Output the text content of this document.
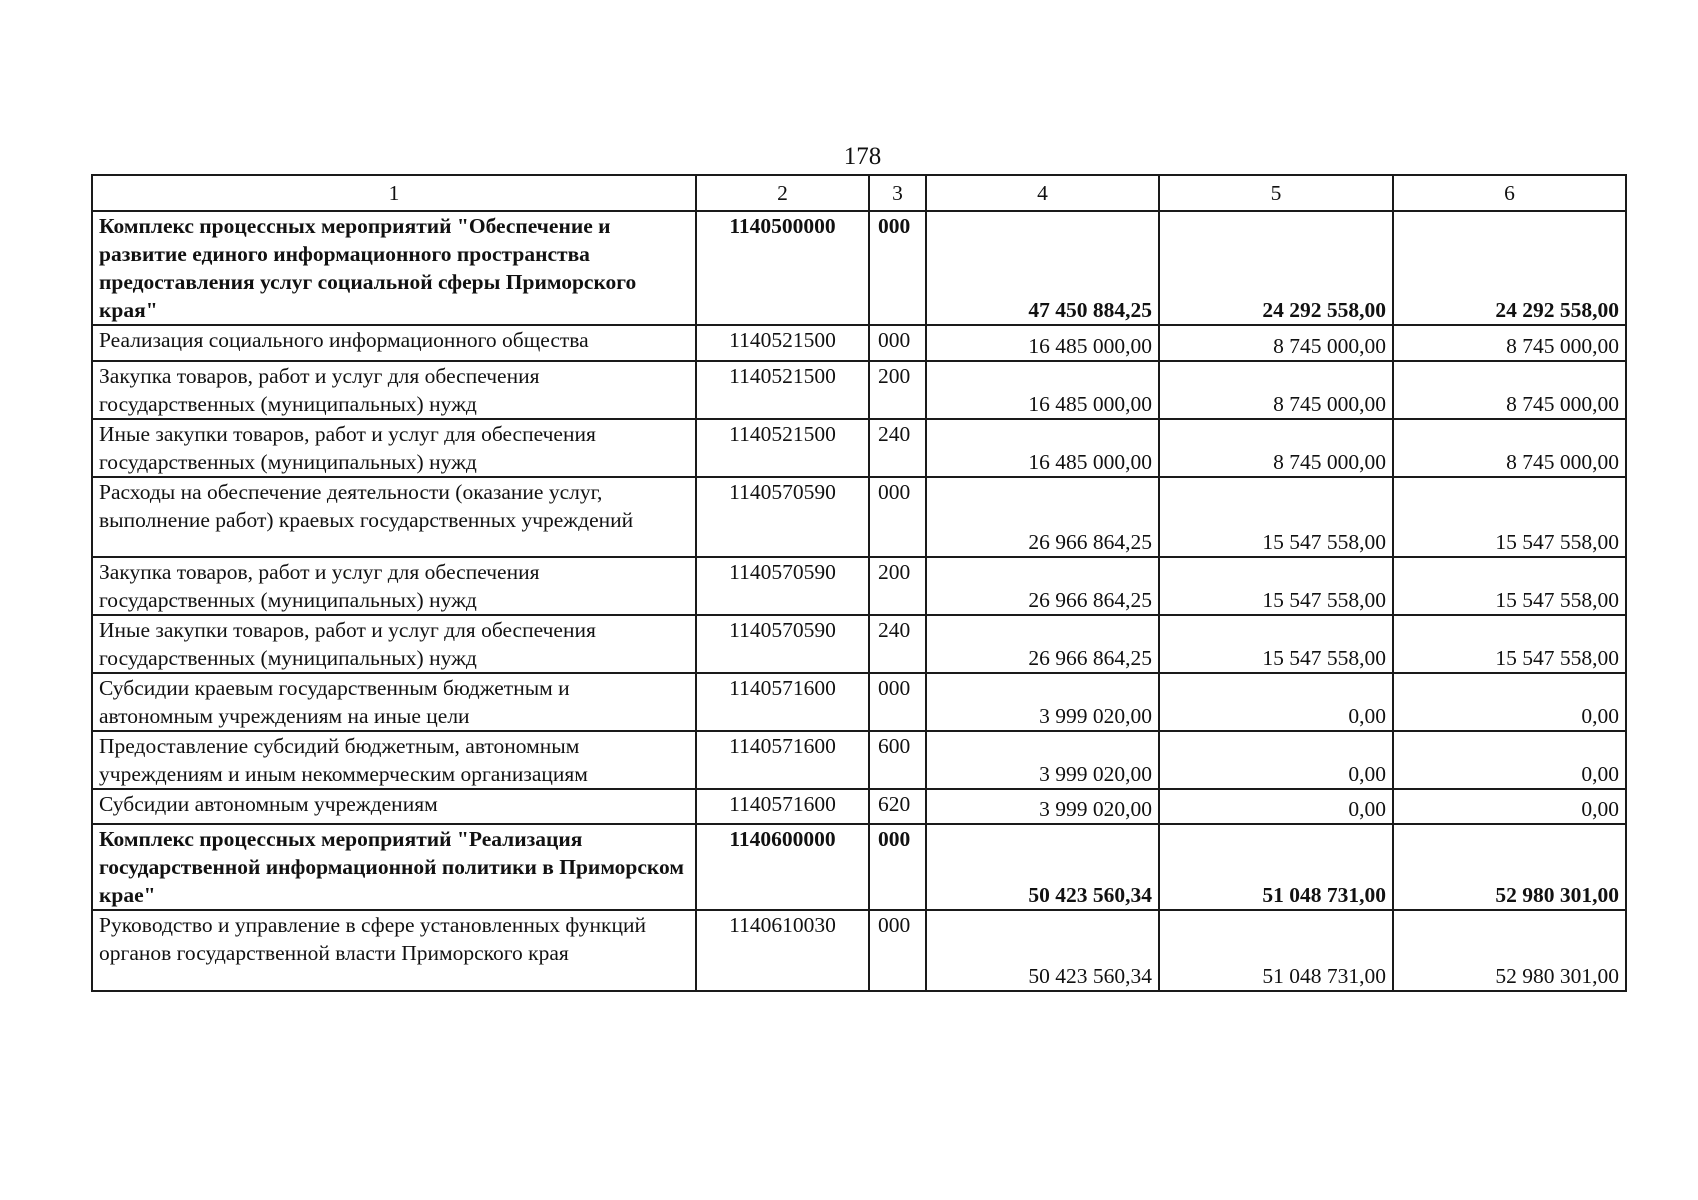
178
1	2	3	4	5	6
Комплекс процессных мероприятий "Обеспечение и развитие единого информационного пространства предоставления услуг социальной сферы Приморского края"	1140500000	000	47 450 884,25	24 292 558,00	24 292 558,00
Реализация социального информационного общества	1140521500	000	16 485 000,00	8 745 000,00	8 745 000,00
Закупка товаров, работ и услуг для обеспечения государственных (муниципальных) нужд	1140521500	200	16 485 000,00	8 745 000,00	8 745 000,00
Иные закупки товаров, работ и услуг для обеспечения государственных (муниципальных) нужд	1140521500	240	16 485 000,00	8 745 000,00	8 745 000,00
Расходы на обеспечение деятельности (оказание услуг, выполнение работ) краевых государственных учреждений	1140570590	000	26 966 864,25	15 547 558,00	15 547 558,00
Закупка товаров, работ и услуг для обеспечения государственных (муниципальных) нужд	1140570590	200	26 966 864,25	15 547 558,00	15 547 558,00
Иные закупки товаров, работ и услуг для обеспечения государственных (муниципальных) нужд	1140570590	240	26 966 864,25	15 547 558,00	15 547 558,00
Субсидии краевым государственным бюджетным и автономным учреждениям на иные цели	1140571600	000	3 999 020,00	0,00	0,00
Предоставление субсидий бюджетным, автономным учреждениям и иным некоммерческим организациям	1140571600	600	3 999 020,00	0,00	0,00
Субсидии автономным учреждениям	1140571600	620	3 999 020,00	0,00	0,00
Комплекс процессных мероприятий "Реализация государственной информационной политики в Приморском крае"	1140600000	000	50 423 560,34	51 048 731,00	52 980 301,00
Руководство и управление в сфере установленных функций органов государственной власти Приморского края	1140610030	000	50 423 560,34	51 048 731,00	52 980 301,00
